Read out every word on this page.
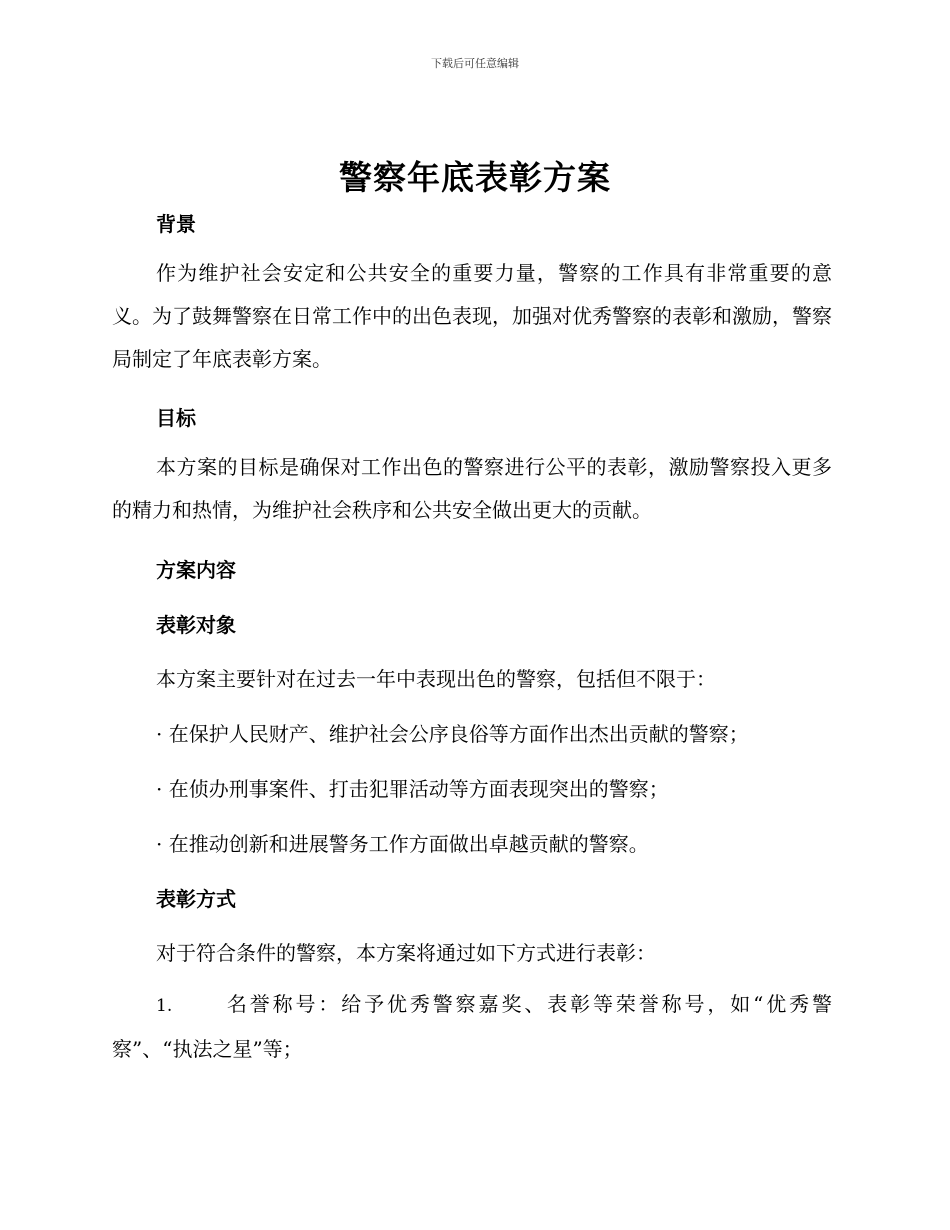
下载后可任意编辑
警察年底表彰方案
背景
作为维护社会安定和公共安全的重要力量，警察的工作具有非常重要的意义。为了鼓舞警察在日常工作中的出色表现，加强对优秀警察的表彰和激励，警察局制定了年底表彰方案。
目标
本方案的目标是确保对工作出色的警察进行公平的表彰，激励警察投入更多的精力和热情，为维护社会秩序和公共安全做出更大的贡献。
方案内容
表彰对象
本方案主要针对在过去一年中表现出色的警察，包括但不限于：
· 在保护人民财产、维护社会公序良俗等方面作出杰出贡献的警察；
· 在侦办刑事案件、打击犯罪活动等方面表现突出的警察；
· 在推动创新和进展警务工作方面做出卓越贡献的警察。
表彰方式
对于符合条件的警察，本方案将通过如下方式进行表彰：
1.	名誉称号：给予优秀警察嘉奖、表彰等荣誉称号，如“优秀警察”、“执法之星”等；
